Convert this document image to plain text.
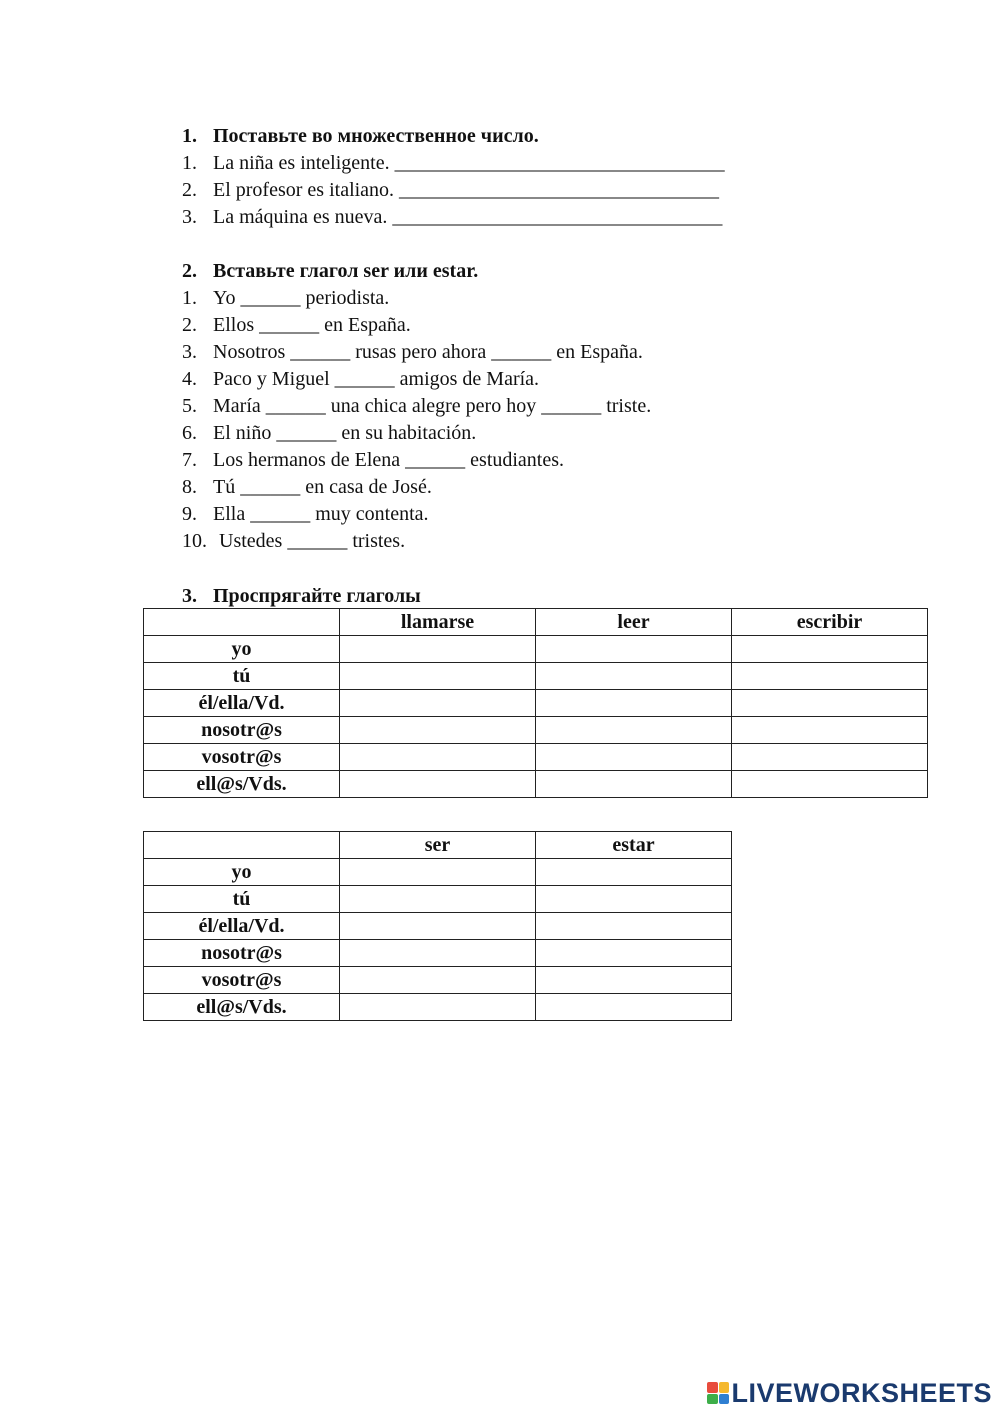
1. Поставьте во множественное число.

1. La niña es inteligente. _________________________________

2. El profesor es italiano. ________________________________

3. La máquina es nueva. _________________________________

2. Вставьте глагол ser или estar.

1. Yo ______ periodista.

2. Ellos ______ en España.

3. Nosotros ______ rusas pero ahora ______ en España.

4. Paco y Miguel ______ amigos de María.

5. María ______ una chica alegre pero hoy ______ triste.

6. El niño ______ en su habitación.

7. Los hermanos de Elena ______ estudiantes.

8. Tú ______ en casa de José.

9. Ella ______ muy contenta.

10. Ustedes ______ tristes.

3. Проспрягайте глаголы

	llamarse	leer	escribir
yo			
tú			
él/ella/Vd.			
nosotr@s			
vosotr@s			
ell@s/Vds.			
	ser	estar
yo		
tú		
él/ella/Vd.		
nosotr@s		
vosotr@s		
ell@s/Vds.		
LIVEWORKSHEETS
